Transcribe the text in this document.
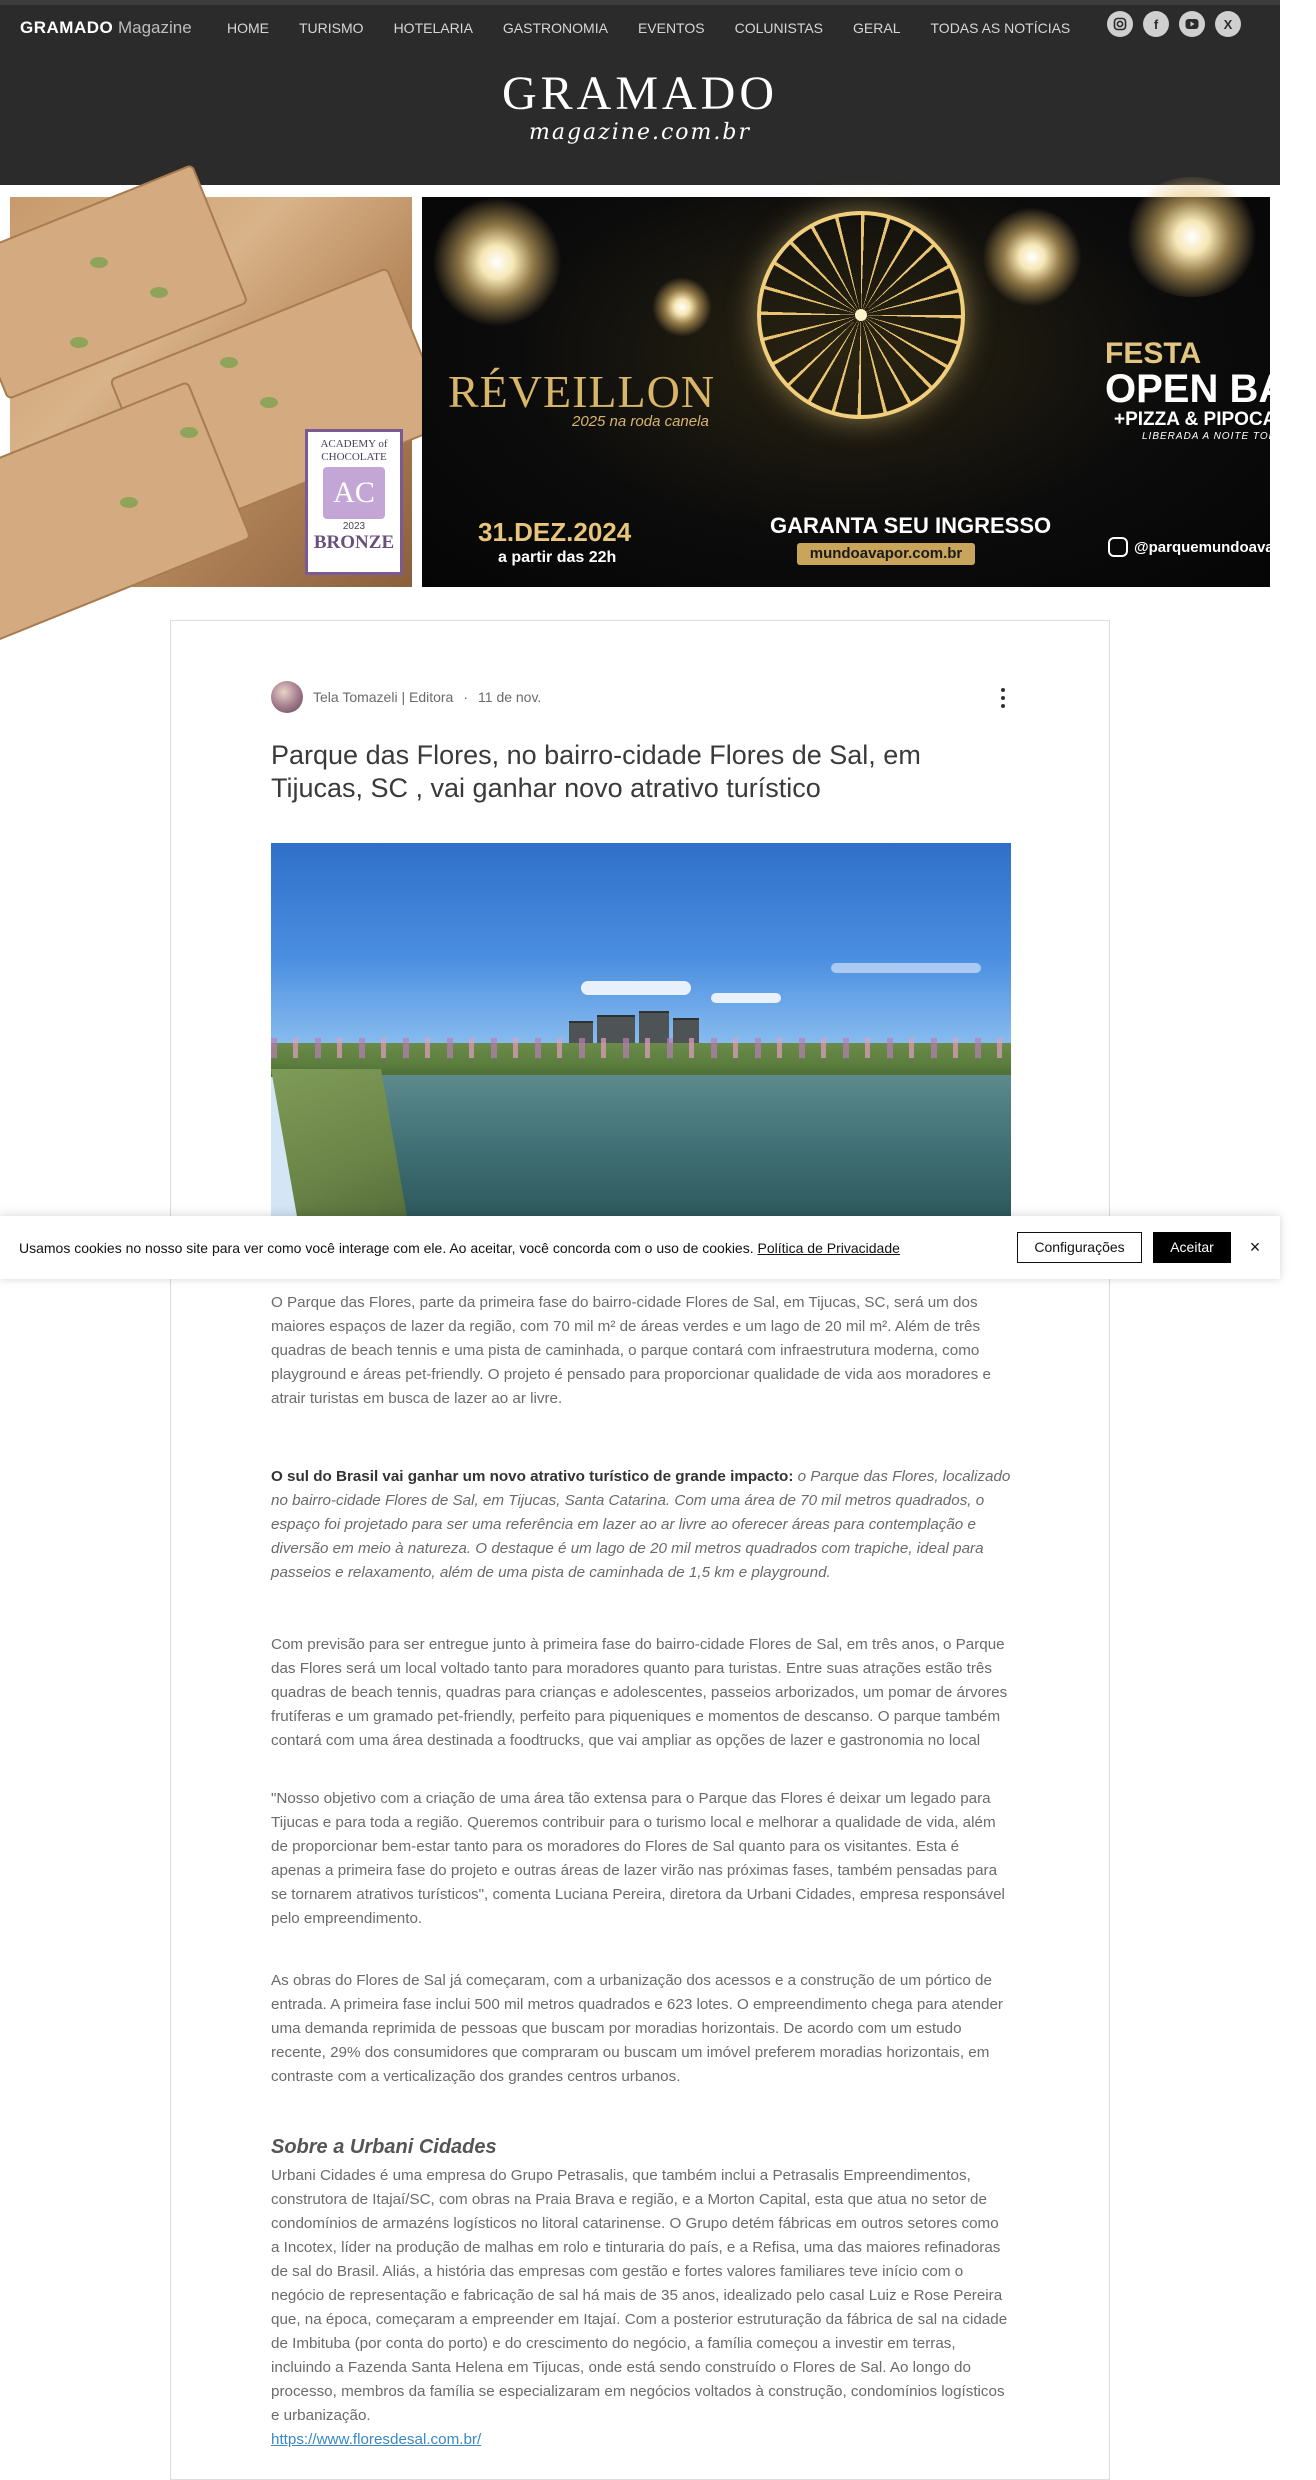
GRAMADO Magazine	HOME	TURISMO	HOTELARIA	GASTRONOMIA	EVENTOS	COLUNISTAS	GERAL	TODAS AS NOTÍCIAS	f	X
GRAMADO
magazine.com.br
ACADEMY of
CHOCOLATE
AC
2023
BRONZE
RÉVEILLON
2025 na roda canela
31.DEZ.2024
a partir das 22h
GARANTA SEU INGRESSO
mundoavapor.com.br
FESTA
OPEN BAR
+PIZZA & PIPOCA
LIBERADA A NOITE TODA
@parquemundoavapor
Tela Tomazeli | Editora · 11 de nov.
Parque das Flores, no bairro-cidade Flores de Sal, em Tijucas, SC , vai ganhar novo atrativo turístico

O Parque das Flores, parte da primeira fase do bairro-cidade Flores de Sal, em Tijucas, SC, será um dos maiores espaços de lazer da região, com 70 mil m² de áreas verdes e um lago de 20 mil m². Além de três quadras de beach tennis e uma pista de caminhada, o parque contará com infraestrutura moderna, como playground e áreas pet-friendly. O projeto é pensado para proporcionar qualidade de vida aos moradores e atrair turistas em busca de lazer ao ar livre.

O sul do Brasil vai ganhar um novo atrativo turístico de grande impacto: o Parque das Flores, localizado no bairro-cidade Flores de Sal, em Tijucas, Santa Catarina. Com uma área de 70 mil metros quadrados, o espaço foi projetado para ser uma referência em lazer ao ar livre ao oferecer áreas para contemplação e diversão em meio à natureza. O destaque é um lago de 20 mil metros quadrados com trapiche, ideal para passeios e relaxamento, além de uma pista de caminhada de 1,5 km e playground.

Com previsão para ser entregue junto à primeira fase do bairro-cidade Flores de Sal, em três anos, o Parque das Flores será um local voltado tanto para moradores quanto para turistas. Entre suas atrações estão três quadras de beach tennis, quadras para crianças e adolescentes, passeios arborizados, um pomar de árvores frutíferas e um gramado pet-friendly, perfeito para piqueniques e momentos de descanso. O parque também contará com uma área destinada a foodtrucks, que vai ampliar as opções de lazer e gastronomia no local

"Nosso objetivo com a criação de uma área tão extensa para o Parque das Flores é deixar um legado para Tijucas e para toda a região. Queremos contribuir para o turismo local e melhorar a qualidade de vida, além de proporcionar bem-estar tanto para os moradores do Flores de Sal quanto para os visitantes. Esta é apenas a primeira fase do projeto e outras áreas de lazer virão nas próximas fases, também pensadas para se tornarem atrativos turísticos", comenta Luciana Pereira, diretora da Urbani Cidades, empresa responsável pelo empreendimento.

As obras do Flores de Sal já começaram, com a urbanização dos acessos e a construção de um pórtico de entrada. A primeira fase inclui 500 mil metros quadrados e 623 lotes. O empreendimento chega para atender uma demanda reprimida de pessoas que buscam por moradias horizontais. De acordo com um estudo recente, 29% dos consumidores que compraram ou buscam um imóvel preferem moradias horizontais, em contraste com a verticalização dos grandes centros urbanos.

Sobre a Urbani Cidades

Urbani Cidades é uma empresa do Grupo Petrasalis, que também inclui a Petrasalis Empreendimentos, construtora de Itajaí/SC, com obras na Praia Brava e região, e a Morton Capital, esta que atua no setor de condomínios de armazéns logísticos no litoral catarinense. O Grupo detém fábricas em outros setores como a Incotex, líder na produção de malhas em rolo e tinturaria do país, e a Refisa, uma das maiores refinadoras de sal do Brasil. Aliás, a história das empresas com gestão e fortes valores familiares teve início com o negócio de representação e fabricação de sal há mais de 35 anos, idealizado pelo casal Luiz e Rose Pereira que, na época, começaram a empreender em Itajaí. Com a posterior estruturação da fábrica de sal na cidade de Imbituba (por conta do porto) e do crescimento do negócio, a família começou a investir em terras, incluindo a Fazenda Santa Helena em Tijucas, onde está sendo construído o Flores de Sal. Ao longo do processo, membros da família se especializaram em negócios voltados à construção, condomínios logísticos e urbanização.
https://www.floresdesal.com.br/

Usamos cookies no nosso site para ver como você interage com ele. Ao aceitar, você concorda com o uso de cookies. Política de Privacidade	Configurações	Aceitar	×
